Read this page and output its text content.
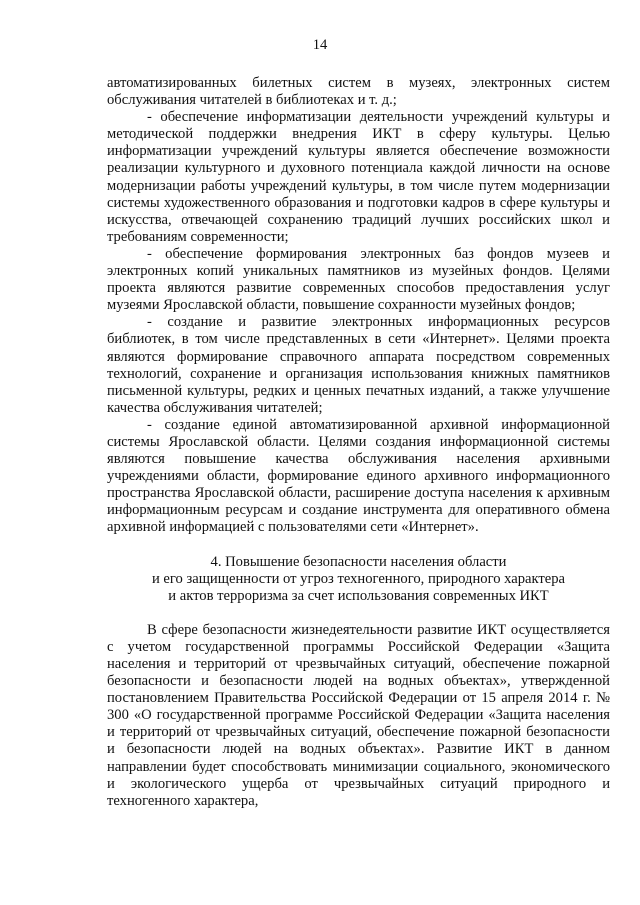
14

автоматизированных билетных систем в музеях, электронных систем обслуживания читателей в библиотеках и т. д.;

- обеспечение информатизации деятельности учреждений культуры и методической поддержки внедрения ИКТ в сферу культуры. Целью информатизации учреждений культуры является обеспечение возможности реализации культурного и духовного потенциала каждой личности на основе модернизации работы учреждений культуры, в том числе путем модернизации системы художественного образования и подготовки кадров в сфере культуры и искусства, отвечающей сохранению традиций лучших российских школ и требованиям современности;

- обеспечение формирования электронных баз фондов музеев и электронных копий уникальных памятников из музейных фондов. Целями проекта являются развитие современных способов предоставления услуг музеями Ярославской области, повышение сохранности музейных фондов;

- создание и развитие электронных информационных ресурсов библиотек, в том числе представленных в сети «Интернет». Целями проекта являются формирование справочного аппарата посредством современных технологий, сохранение и организация использования книжных памятников письменной культуры, редких и ценных печатных изданий, а также улучшение качества обслуживания читателей;

- создание единой автоматизированной архивной информационной системы Ярославской области. Целями создания информационной системы являются повышение качества обслуживания населения архивными учреждениями области, формирование единого архивного информационного пространства Ярославской области, расширение доступа населения к архивным информационным ресурсам и создание инструмента для оперативного обмена архивной информацией с пользователями сети «Интернет».

4. Повышение безопасности населения области
и его защищенности от угроз техногенного, природного характера
и актов терроризма за счет использования современных ИКТ

В сфере безопасности жизнедеятельности развитие ИКТ осуществляется с учетом государственной программы Российской Федерации «Защита населения и территорий от чрезвычайных ситуаций, обеспечение пожарной безопасности и безопасности людей на водных объектах», утвержденной постановлением Правительства Российской Федерации от 15 апреля 2014 г. № 300 «О государственной программе Российской Федерации «Защита населения и территорий от чрезвычайных ситуаций, обеспечение пожарной безопасности и безопасности людей на водных объектах». Развитие ИКТ в данном направлении будет способствовать минимизации социального, экономического и экологического ущерба от чрезвычайных ситуаций природного и техногенного характера,
